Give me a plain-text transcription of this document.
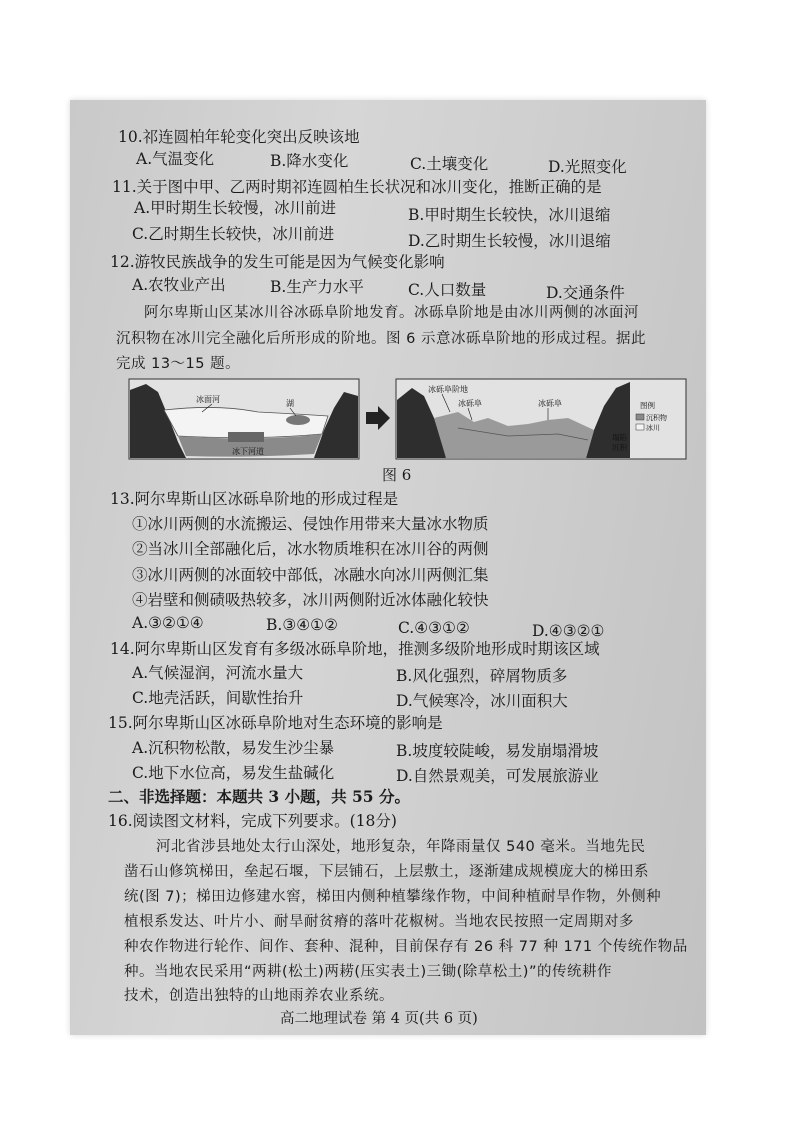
10.祁连圆柏年轮变化突出反映该地
A.气温变化	B.降水变化	C.土壤变化	D.光照变化
11.关于图中甲、乙两时期祁连圆柏生长状况和冰川变化，推断正确的是
A.甲时期生长较慢，冰川前进	B.甲时期生长较快，冰川退缩
C.乙时期生长较快，冰川前进	D.乙时期生长较慢，冰川退缩
12.游牧民族战争的发生可能是因为气候变化影响
A.农牧业产出	B.生产力水平	C.人口数量	D.交通条件
阿尔卑斯山区某冰川谷冰砾阜阶地发育。冰砾阜阶地是由冰川两侧的冰面河
沉积物在冰川完全融化后所形成的阶地。图 6 示意冰砾阜阶地的形成过程。据此
完成 13～15 题。
冰面河	湖
冰下河道
冰砾阜阶地
冰砾阜	冰砾阜
塌陷
沉积
图例
沉积物
冰川
图 6
13.阿尔卑斯山区冰砾阜阶地的形成过程是
①冰川两侧的水流搬运、侵蚀作用带来大量冰水物质
②当冰川全部融化后，冰水物质堆积在冰川谷的两侧
③冰川两侧的冰面较中部低，冰融水向冰川两侧汇集
④岩壁和侧碛吸热较多，冰川两侧附近冰体融化较快
A.③②①④	B.③④①②	C.④③①②	D.④③②①
14.阿尔卑斯山区发育有多级冰砾阜阶地，推测多级阶地形成时期该区域
A.气候湿润，河流水量大	B.风化强烈，碎屑物质多
C.地壳活跃，间歇性抬升	D.气候寒冷，冰川面积大
15.阿尔卑斯山区冰砾阜阶地对生态环境的影响是
A.沉积物松散，易发生沙尘暴	B.坡度较陡峻，易发崩塌滑坡
C.地下水位高，易发生盐碱化	D.自然景观美，可发展旅游业
二、非选择题：本题共 3 小题，共 55 分。
16.阅读图文材料，完成下列要求。(18分)
河北省涉县地处太行山深处，地形复杂，年降雨量仅 540 毫米。当地先民
凿石山修筑梯田，垒起石堰，下层铺石，上层敷土，逐渐建成规模庞大的梯田系
统(图 7)；梯田边修建水窖，梯田内侧种植攀缘作物，中间种植耐旱作物，外侧种
植根系发达、叶片小、耐旱耐贫瘠的落叶花椒树。当地农民按照一定周期对多
种农作物进行轮作、间作、套种、混种，目前保存有 26 科 77 种 171 个传统作物品
种。当地农民采用“两耕(松土)两耢(压实表土)三锄(除草松土)”的传统耕作
技术，创造出独特的山地雨养农业系统。
高二地理试卷 第 4 页(共 6 页)
